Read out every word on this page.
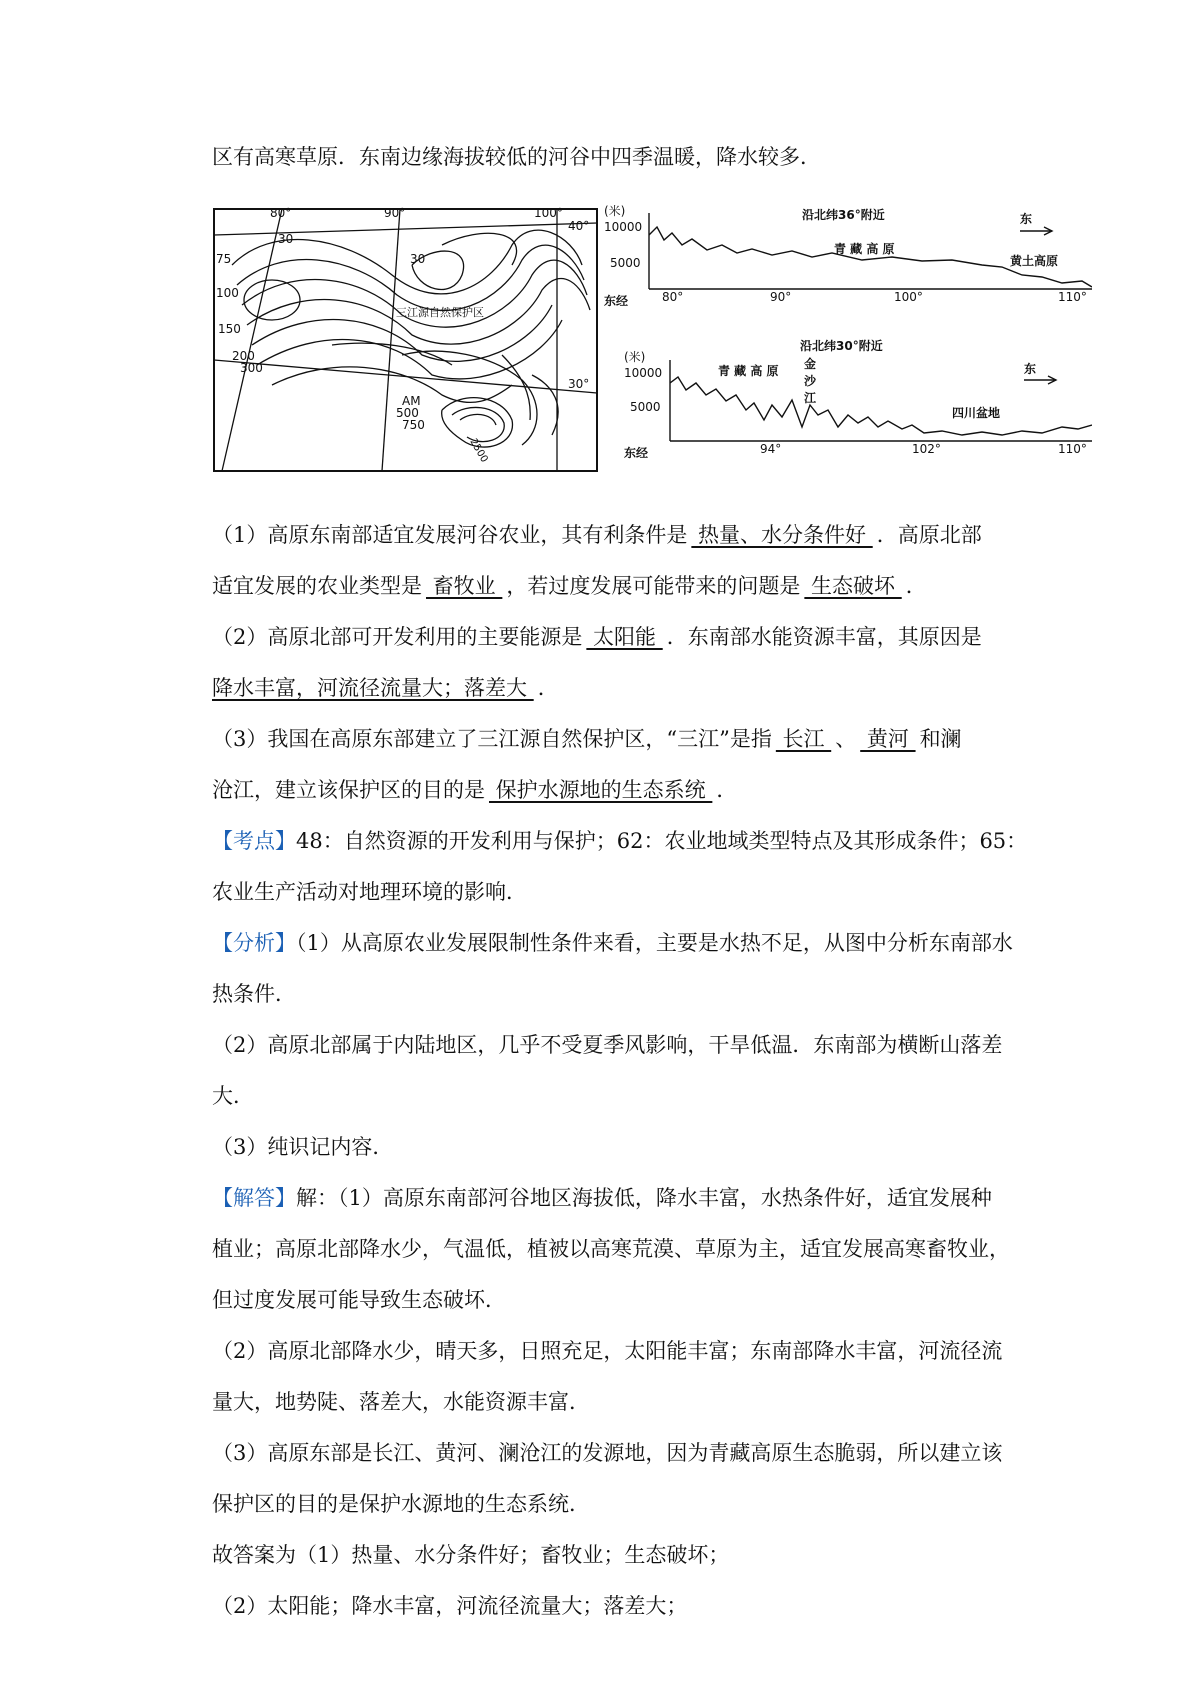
区有高寒草原．东南边缘海拔较低的河谷中四季温暖，降水较多．
80°	90°	100°
40°
30°
75
100
150
200
300
30
30
AM
500
750
2500
三江源自然保护区
(米)
10000
5000
沿北纬36°附近	东
青 藏 高 原
黄土高原
东经	80°	90°	100°	110°
(米)
10000
5000
沿北纬30°附近
东
青 藏 高 原 金
沙
江
四川盆地
东经	94°	102°	110°
（1）高原东南部适宜发展河谷农业，其有利条件是 热量、水分条件好 ．高原北部
适宜发展的农业类型是 畜牧业 ，若过度发展可能带来的问题是 生态破坏 ．
（2）高原北部可开发利用的主要能源是 太阳能 ．东南部水能资源丰富，其原因是
降水丰富，河流径流量大；落差大 ．
（3）我国在高原东部建立了三江源自然保护区，“三江”是指 长江 、 黄河 和澜
沧江，建立该保护区的目的是 保护水源地的生态系统 ．
【考点】48：自然资源的开发利用与保护；62：农业地域类型特点及其形成条件；65：
农业生产活动对地理环境的影响．
【分析】（1）从高原农业发展限制性条件来看，主要是水热不足，从图中分析东南部水
热条件．
（2）高原北部属于内陆地区，几乎不受夏季风影响，干旱低温．东南部为横断山落差
大．
（3）纯识记内容．
【解答】解：（1）高原东南部河谷地区海拔低，降水丰富，水热条件好，适宜发展种
植业；高原北部降水少，气温低，植被以高寒荒漠、草原为主，适宜发展高寒畜牧业，
但过度发展可能导致生态破坏．
（2）高原北部降水少，晴天多，日照充足，太阳能丰富；东南部降水丰富，河流径流
量大，地势陡、落差大，水能资源丰富．
（3）高原东部是长江、黄河、澜沧江的发源地，因为青藏高原生态脆弱，所以建立该
保护区的目的是保护水源地的生态系统．
故答案为（1）热量、水分条件好；畜牧业；生态破坏；
（2）太阳能；降水丰富，河流径流量大；落差大；
